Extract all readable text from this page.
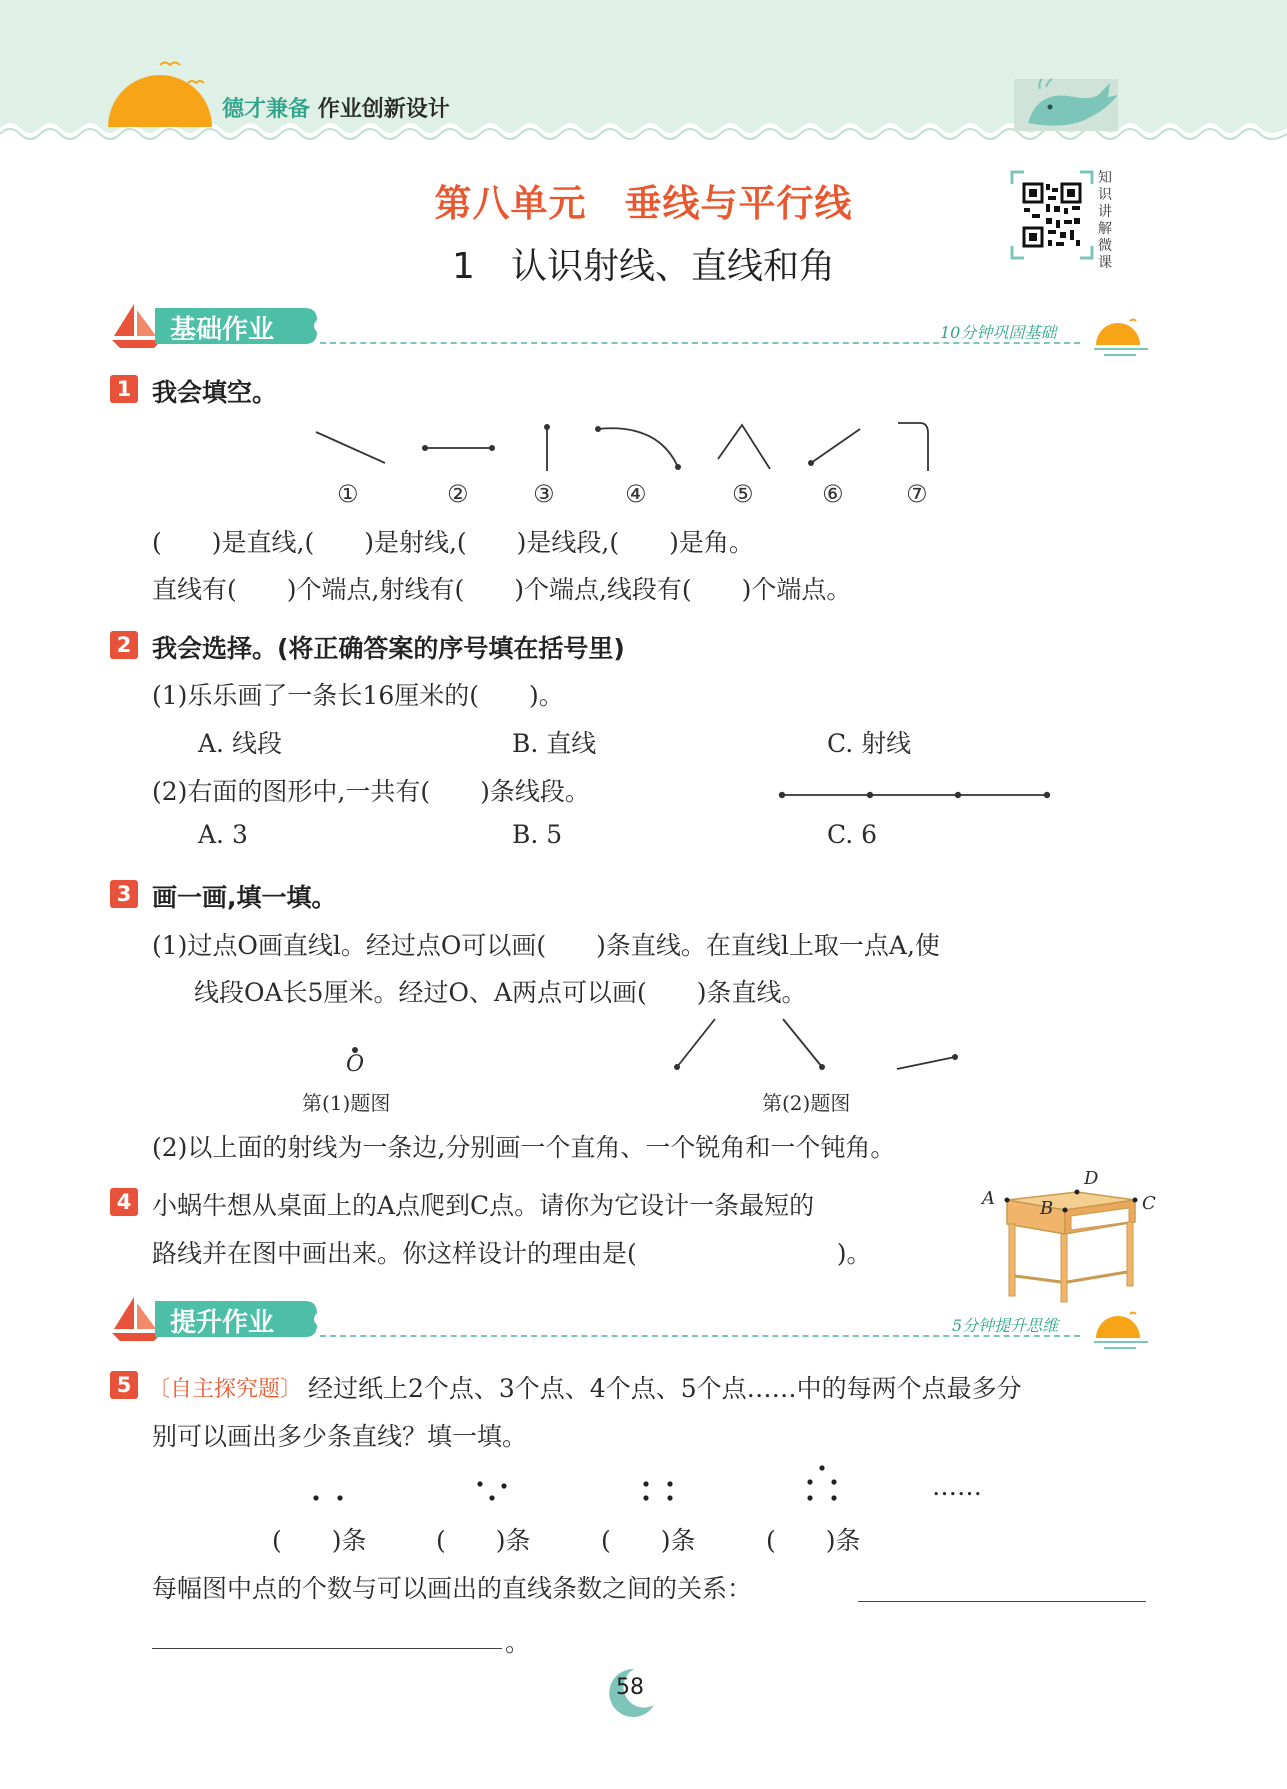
德才兼备 作业创新设计
第八单元　垂线与平行线
1　认识射线、直线和角
知识讲解微课
基础作业	10分钟巩固基础
1 我会填空。
①	②	③	④	⑤	⑥	⑦
(　　)是直线,(　　)是射线,(　　)是线段,(　　)是角。
直线有(　　)个端点,射线有(　　)个端点,线段有(　　)个端点。
2 我会选择。(将正确答案的序号填在括号里)
(1)乐乐画了一条长16厘米的(　　)。
A. 线段	B. 直线	C. 射线
(2)右面的图形中,一共有(　　)条线段。
A. 3	B. 5	C. 6
3 画一画,填一填。
(1)过点O画直线l。经过点O可以画(　　)条直线。在直线l上取一点A,使
线段OA长5厘米。经过O、A两点可以画(　　)条直线。
O
第(1)题图	第(2)题图
(2)以上面的射线为一条边,分别画一个直角、一个锐角和一个钝角。
4 小蜗牛想从桌面上的A点爬到C点。请你为它设计一条最短的
路线并在图中画出来。你这样设计的理由是(　　　　　　　　)。
A	B	C
D
提升作业	5分钟提升思维
5 〔自主探究题〕 经过纸上2个点、3个点、4个点、5个点……中的每两个点最多分
别可以画出多少条直线？填一填。
……
(　　)条	(　　)条	(　　)条	(　　)条
每幅图中点的个数与可以画出的直线条数之间的关系：
。
58
